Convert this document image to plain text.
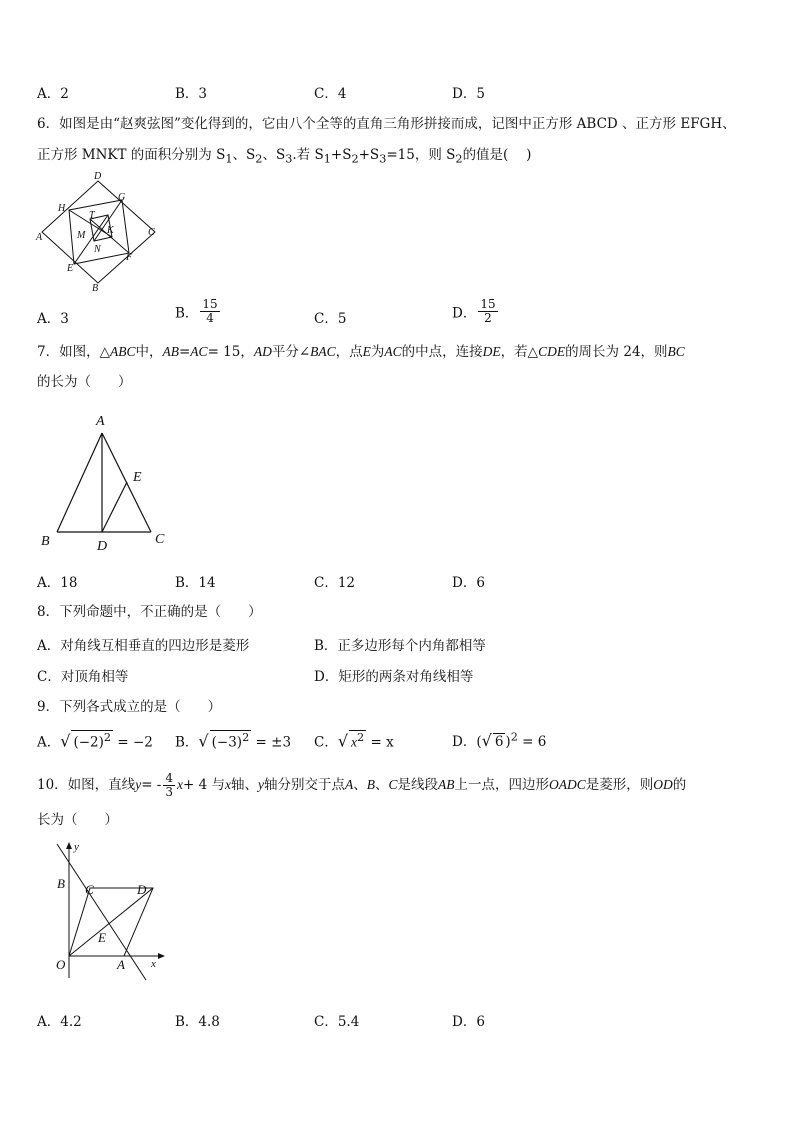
A．2	B．3	C．4	D．5
6．如图是由“赵爽弦图”变化得到的，它由八个全等的直角三角形拼接而成，记图中正方形 ABCD 、正方形 EFGH、
正方形 MNKT 的面积分别为 $S_1$、$S_2$、$S_3$.若 $S_1+S_2+S_3=15$，则 $S_2$的值是(　 )
D
G
H
T
A
K	C
M
N
E
F
B
A．3	B． $\frac{15}{4}$	C．5	D． $\frac{15}{2}$
7．如图，△ABC中，AB=AC= 15，AD平分∠BAC，点E为AC的中点，连接DE，若△CDE的周长为 24，则BC
的长为（　　）
A
E
B	D	C
A．18	B．14	C．12	D．6
8．下列命题中，不正确的是（　　）
A．对角线互相垂直的四边形是菱形	B．正多边形每个内角都相等
C．对顶角相等	D．矩形的两条对角线相等
9．下列各式成立的是（　　）
A．√ $(-2)^2 = -2$ B．√ $(-3)^2 = \pm 3$ C．√ $x^2 = x$	D．(√ 6 )$^2$ = 6
10．如图，直线$y= - \frac{4}{3} x+ 4$ 与x轴、y轴分别交于点A、B、C是线段AB上一点，四边形OADC是菱形，则OD的
长为（　　）
y
B C	D
E
O	A x
A．4.2	B．4.8	C．5.4	D．6
